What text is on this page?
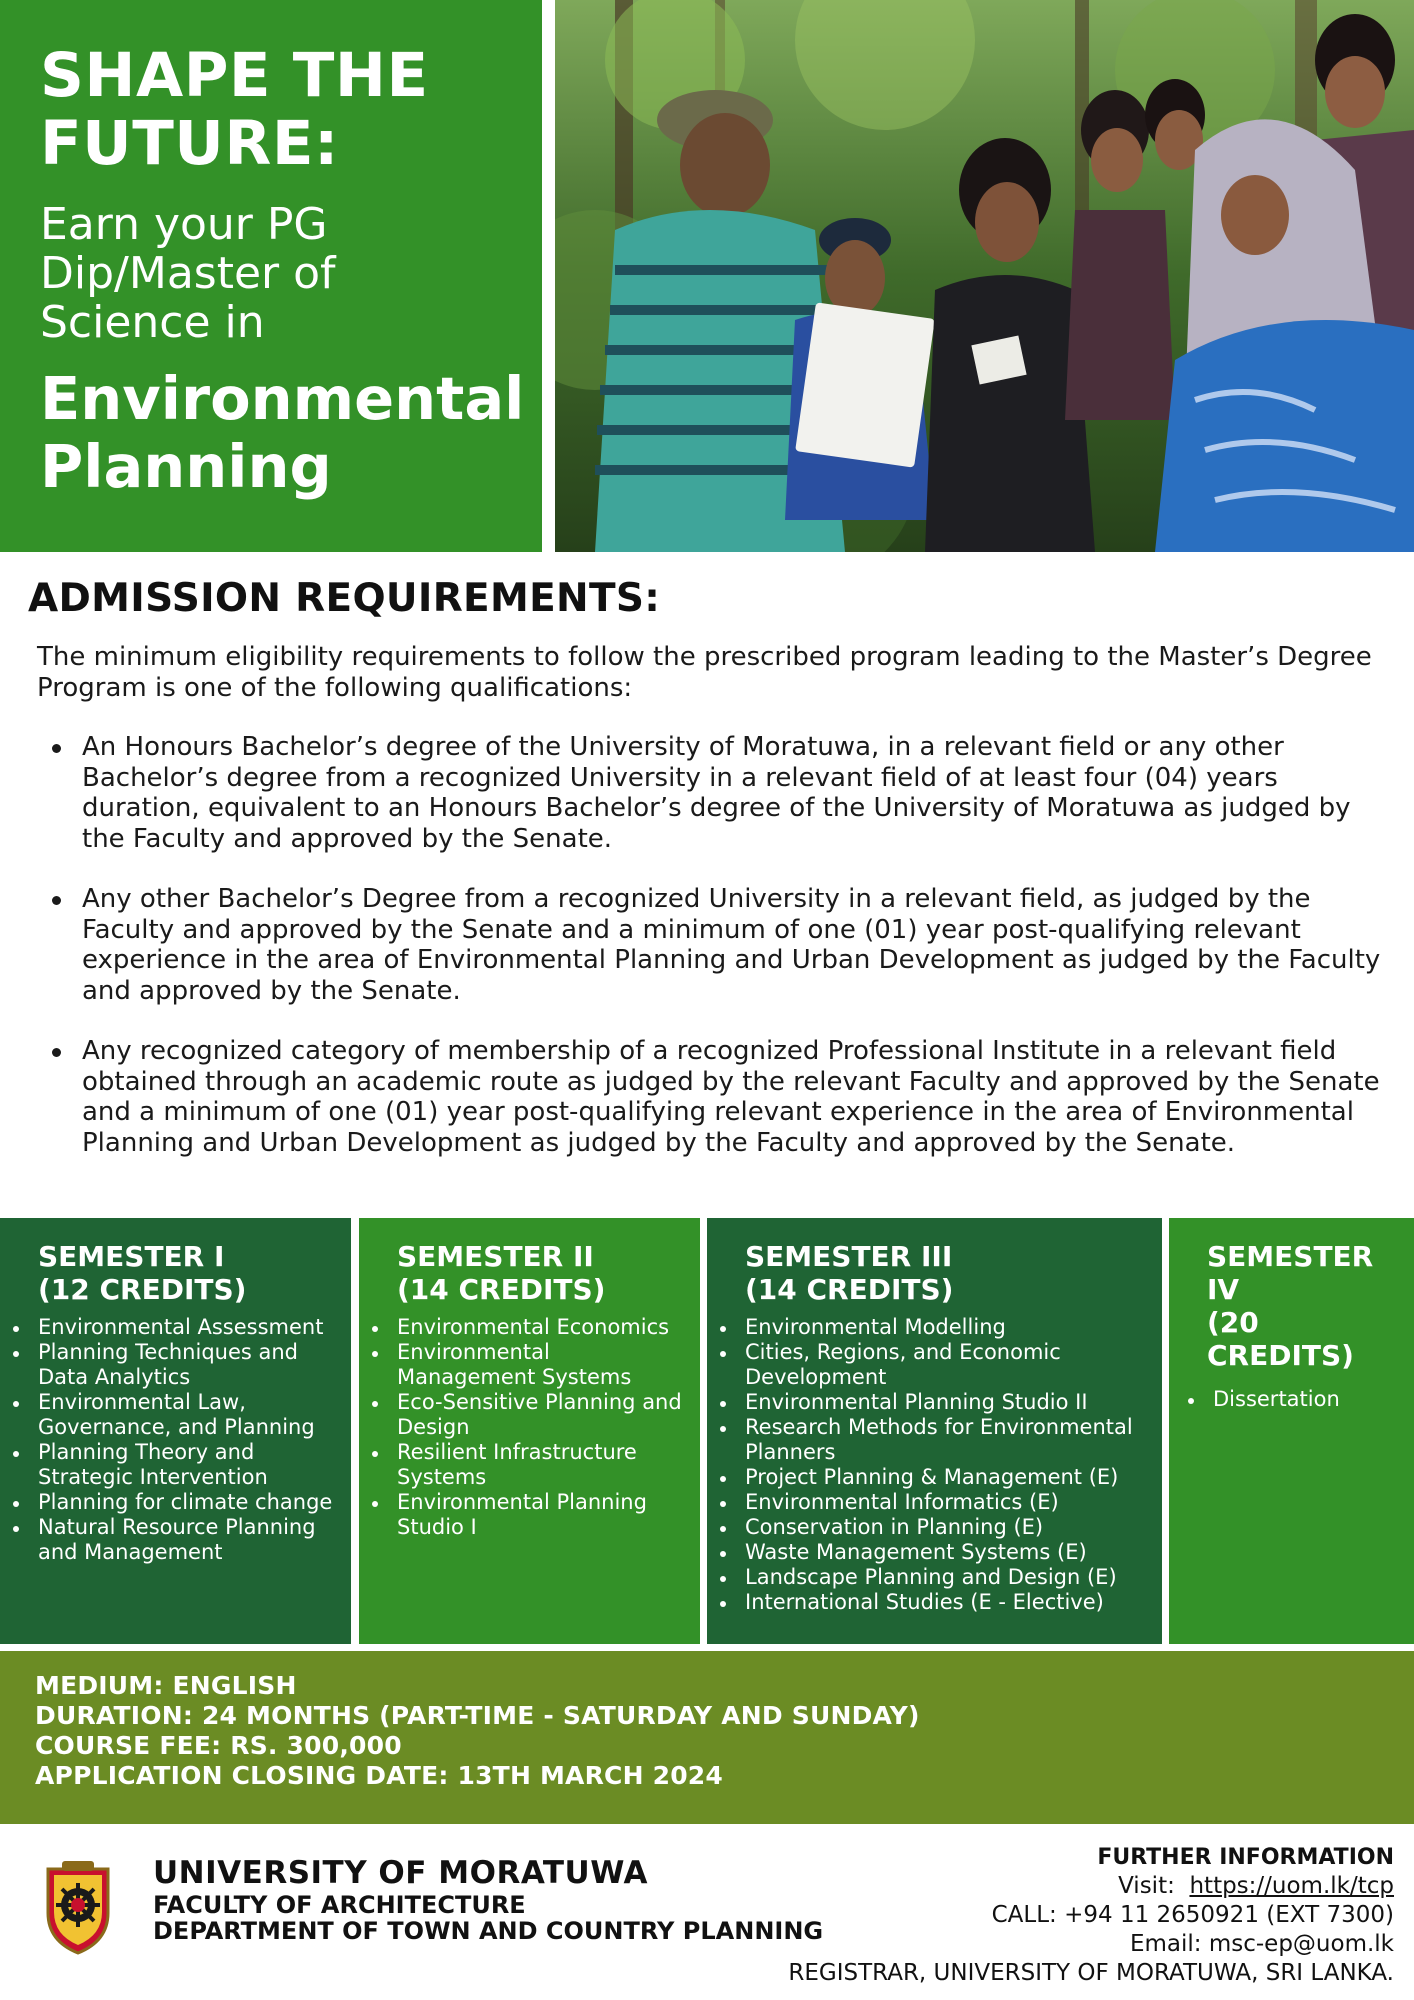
SHAPE THE
FUTURE:
Earn your PG
Dip/Master of
Science in
Environmental
Planning
ADMISSION REQUIREMENTS:
The minimum eligibility requirements to follow the prescribed program leading to the Master’s Degree Program is one of the following qualifications:
An Honours Bachelor’s degree of the University of Moratuwa, in a relevant field or any other Bachelor’s degree from a recognized University in a relevant field of at least four (04) years duration, equivalent to an Honours Bachelor’s degree of the University of Moratuwa as judged by the Faculty and approved by the Senate.
Any other Bachelor’s Degree from a recognized University in a relevant field, as judged by the Faculty and approved by the Senate and a minimum of one (01) year post-qualifying relevant experience in the area of Environmental Planning and Urban Development as judged by the Faculty and approved by the Senate.
Any recognized category of membership of a recognized Professional Institute in a relevant field obtained through an academic route as judged by the relevant Faculty and approved by the Senate and a minimum of one (01) year post-qualifying relevant experience in the area of Environmental Planning and Urban Development as judged by the Faculty and approved by the Senate.
SEMESTER I
(12 CREDITS)
Environmental Assessment
Planning Techniques and Data Analytics
Environmental Law, Governance, and Planning
Planning Theory and Strategic Intervention
Planning for climate change
Natural Resource Planning and Management
SEMESTER II
(14 CREDITS)
Environmental Economics
Environmental Management Systems
Eco-Sensitive Planning and Design
Resilient Infrastructure Systems
Environmental Planning Studio I
SEMESTER III
(14 CREDITS)
Environmental Modelling
Cities, Regions, and Economic Development
Environmental Planning Studio II
Research Methods for Environmental Planners
Project Planning & Management (E)
Environmental Informatics (E)
Conservation in Planning (E)
Waste Management Systems (E)
Landscape Planning and Design (E)
International Studies (E - Elective)
SEMESTER IV
(20 CREDITS)
Dissertation
MEDIUM: ENGLISH
DURATION: 24 MONTHS (PART-TIME - SATURDAY AND SUNDAY)
COURSE FEE: RS. 300,000
APPLICATION CLOSING DATE: 13TH MARCH 2024
UNIVERSITY OF MORATUWA
FACULTY OF ARCHITECTURE
DEPARTMENT OF TOWN AND COUNTRY PLANNING
FURTHER INFORMATION
Visit: https://uom.lk/tcp
CALL: +94 11 2650921 (EXT 7300)
Email: msc-ep@uom.lk
REGISTRAR, UNIVERSITY OF MORATUWA, SRI LANKA.
